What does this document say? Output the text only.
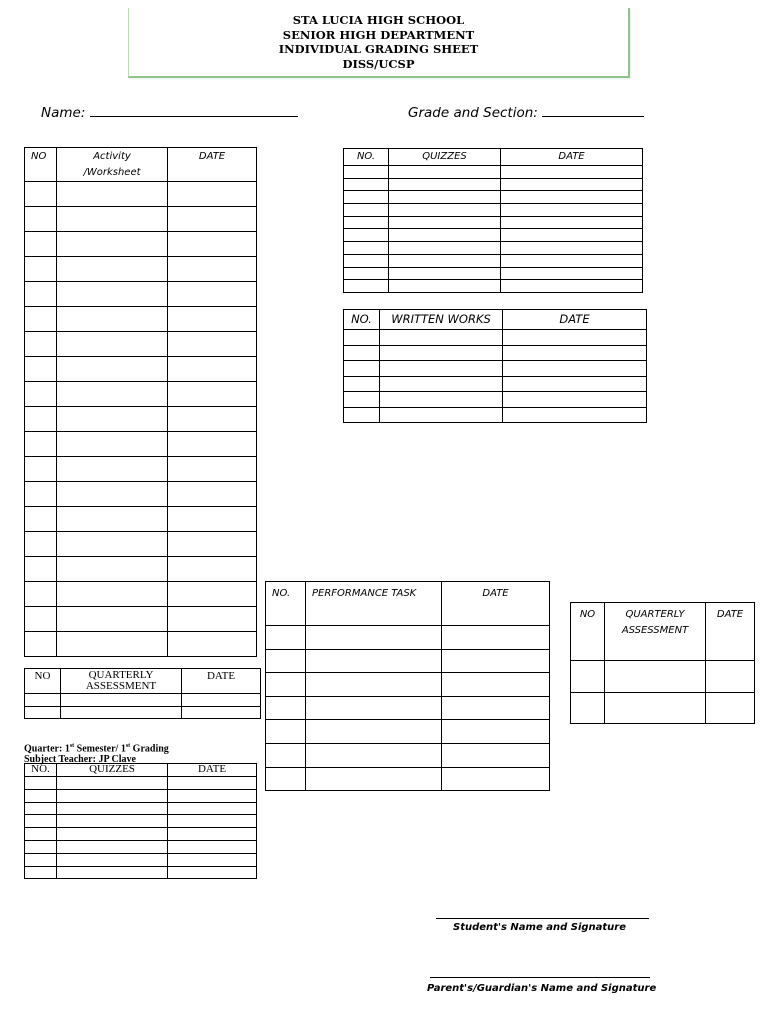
STA LUCIA HIGH SCHOOL
SENIOR HIGH DEPARTMENT
INDIVIDUAL GRADING SHEET
DISS/UCSP
Name:	Grade and Section:
NO	Activity /Worksheet	DATE

			NO.	QUIZZES	DATE

NO.	WRITTEN WORKS	DATE

NO.	PERFORMANCE TASK	DATE

NO	QUARTERLY ASSESSMENT	DATE

NO	QUARTERLY ASSESSMENT	DATE

Quarter: 1st Semester/ 1st Grading
Subject Teacher: JP Clave
NO.	QUIZZES	DATE

Student's Name and Signature
Parent's/Guardian's Name and Signature
